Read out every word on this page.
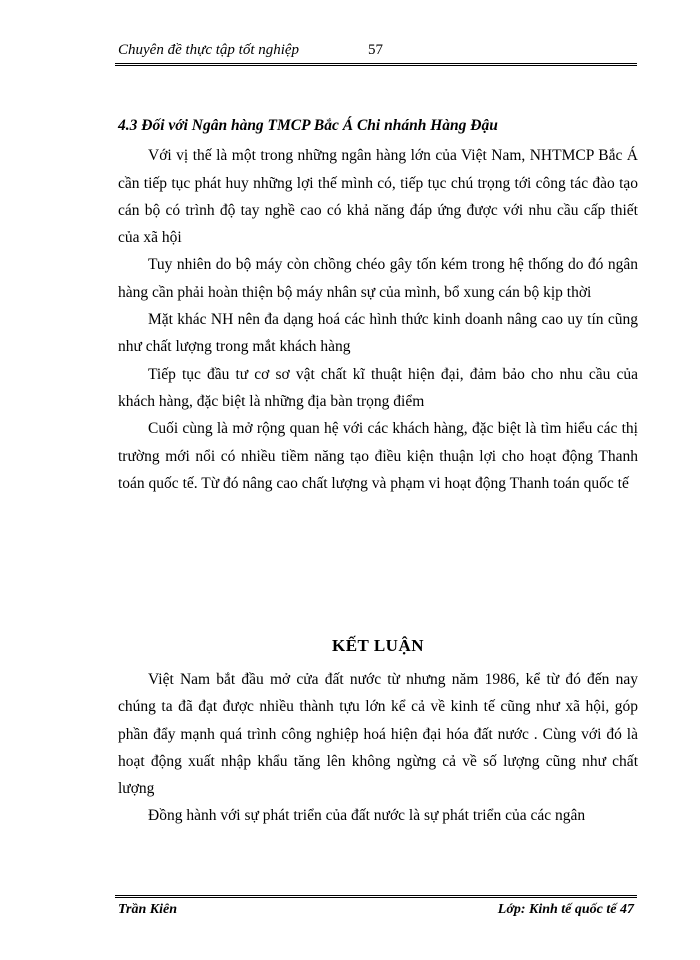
Chuyên đề thực tập tốt nghiệp	57

4.3 Đối với Ngân hàng TMCP Bắc Á Chi nhánh Hàng Đậu

Với vị thế là một trong những ngân hàng lớn của Việt Nam, NHTMCP Bắc Á cần tiếp tục phát huy những lợi thế mình có, tiếp tục chú trọng tới công tác đào tạo cán bộ có trình độ tay nghề cao có khả năng đáp ứng được với nhu cầu cấp thiết của xã hội

Tuy nhiên do bộ máy còn chồng chéo gây tốn kém trong hệ thống do đó ngân hàng cần phải hoàn thiện bộ máy nhân sự của mình, bổ xung cán bộ kịp thời

Mặt khác NH nên đa dạng hoá các hình thức kinh doanh nâng cao uy tín cũng như chất lượng trong mắt khách hàng

Tiếp tục đầu tư cơ sơ vật chất kĩ thuật hiện đại, đảm bảo cho nhu cầu của khách hàng, đặc biệt là những địa bàn trọng điểm

Cuối cùng là mở rộng quan hệ với các khách hàng, đặc biệt là tìm hiểu các thị trường mới nổi có nhiều tiềm năng tạo điều kiện thuận lợi cho hoạt động Thanh toán quốc tế. Từ đó nâng cao chất lượng và phạm vi hoạt động Thanh toán quốc tế

KẾT LUẬN

Việt Nam bắt đầu mở cửa đất nước từ nhưng năm 1986, kể từ đó đến nay chúng ta đã đạt được nhiều thành tựu lớn kể cả về kinh tế cũng như xã hội, góp phần đẩy mạnh quá trình công nghiệp hoá hiện đại hóa đất nước . Cùng với đó là hoạt động xuất nhập khẩu tăng lên không ngừng cả về số lượng cũng như chất lượng

Đồng hành với sự phát triển của đất nước là sự phát triển của các ngân

Trần Kiên	Lớp: Kinh tế quốc tế 47
